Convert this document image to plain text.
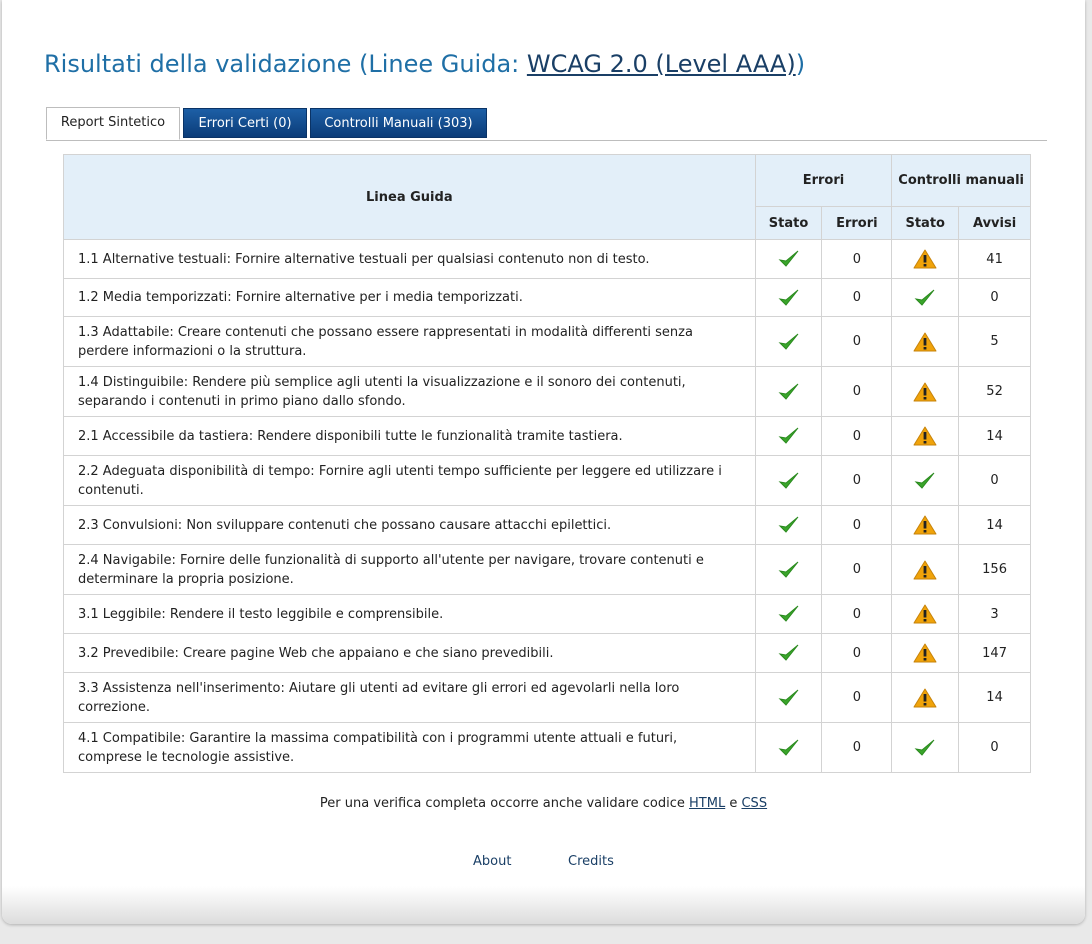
Risultati della validazione (Linee Guida: WCAG 2.0 (Level AAA))
Report Sintetico	Errori Certi (0)	Controlli Manuali (303)
Linea Guida	Errori		Controlli manuali	
	Stato	Errori	Stato	Avvisi
1.1 Alternative testuali: Fornire alternative testuali per qualsiasi contenuto non di testo.		0		41
1.2 Media temporizzati: Fornire alternative per i media temporizzati.		0		0
1.3 Adattabile: Creare contenuti che possano essere rappresentati in modalità differenti senza perdere informazioni o la struttura.		0		5
1.4 Distinguibile: Rendere più semplice agli utenti la visualizzazione e il sonoro dei contenuti, separando i contenuti in primo piano dallo sfondo.		0		52
2.1 Accessibile da tastiera: Rendere disponibili tutte le funzionalità tramite tastiera.		0		14
2.2 Adeguata disponibilità di tempo: Fornire agli utenti tempo sufficiente per leggere ed utilizzare i contenuti.		0		0
2.3 Convulsioni: Non sviluppare contenuti che possano causare attacchi epilettici.		0		14
2.4 Navigabile: Fornire delle funzionalità di supporto all'utente per navigare, trovare contenuti e determinare la propria posizione.		0		156
3.1 Leggibile: Rendere il testo leggibile e comprensibile.		0		3
3.2 Prevedibile: Creare pagine Web che appaiano e che siano prevedibili.		0		147
3.3 Assistenza nell'inserimento: Aiutare gli utenti ad evitare gli errori ed agevolarli nella loro correzione.		0		14
4.1 Compatibile: Garantire la massima compatibilità con i programmi utente attuali e futuri, comprese le tecnologie assistive.		0		0
Per una verifica completa occorre anche validare codice HTML e CSS
About	Credits
